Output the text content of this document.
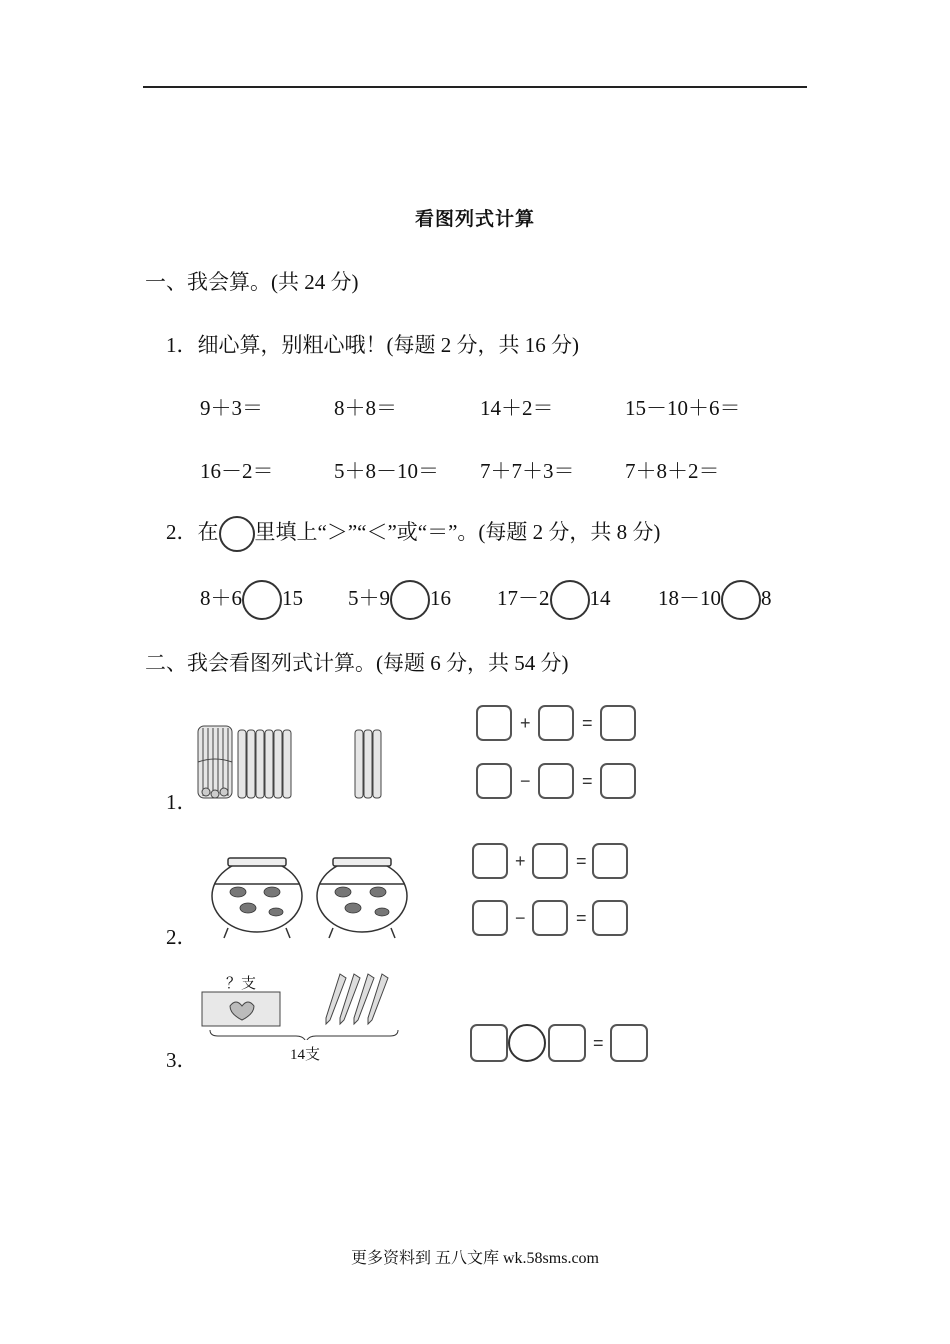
看图列式计算
一、我会算。(共 24 分)
1．细心算，别粗心哦！(每题 2 分，共 16 分)
9＋3＝	8＋8＝	14＋2＝	15－10＋6＝
16－2＝	5＋8－10＝ 7＋7＋3＝ 7＋8＋2＝
2．在 里填上“＞”“＜”或“＝”。(每题 2 分，共 8 分)
8＋6 15 5＋9 16 17－2 14 18－10 8
二、我会看图列式计算。(每题 6 分，共 54 分)
1．
+	=
−	=
2．
+	=
−	=
3．
？支
14支
=
更多资料到 五八文库 wk.58sms.com
